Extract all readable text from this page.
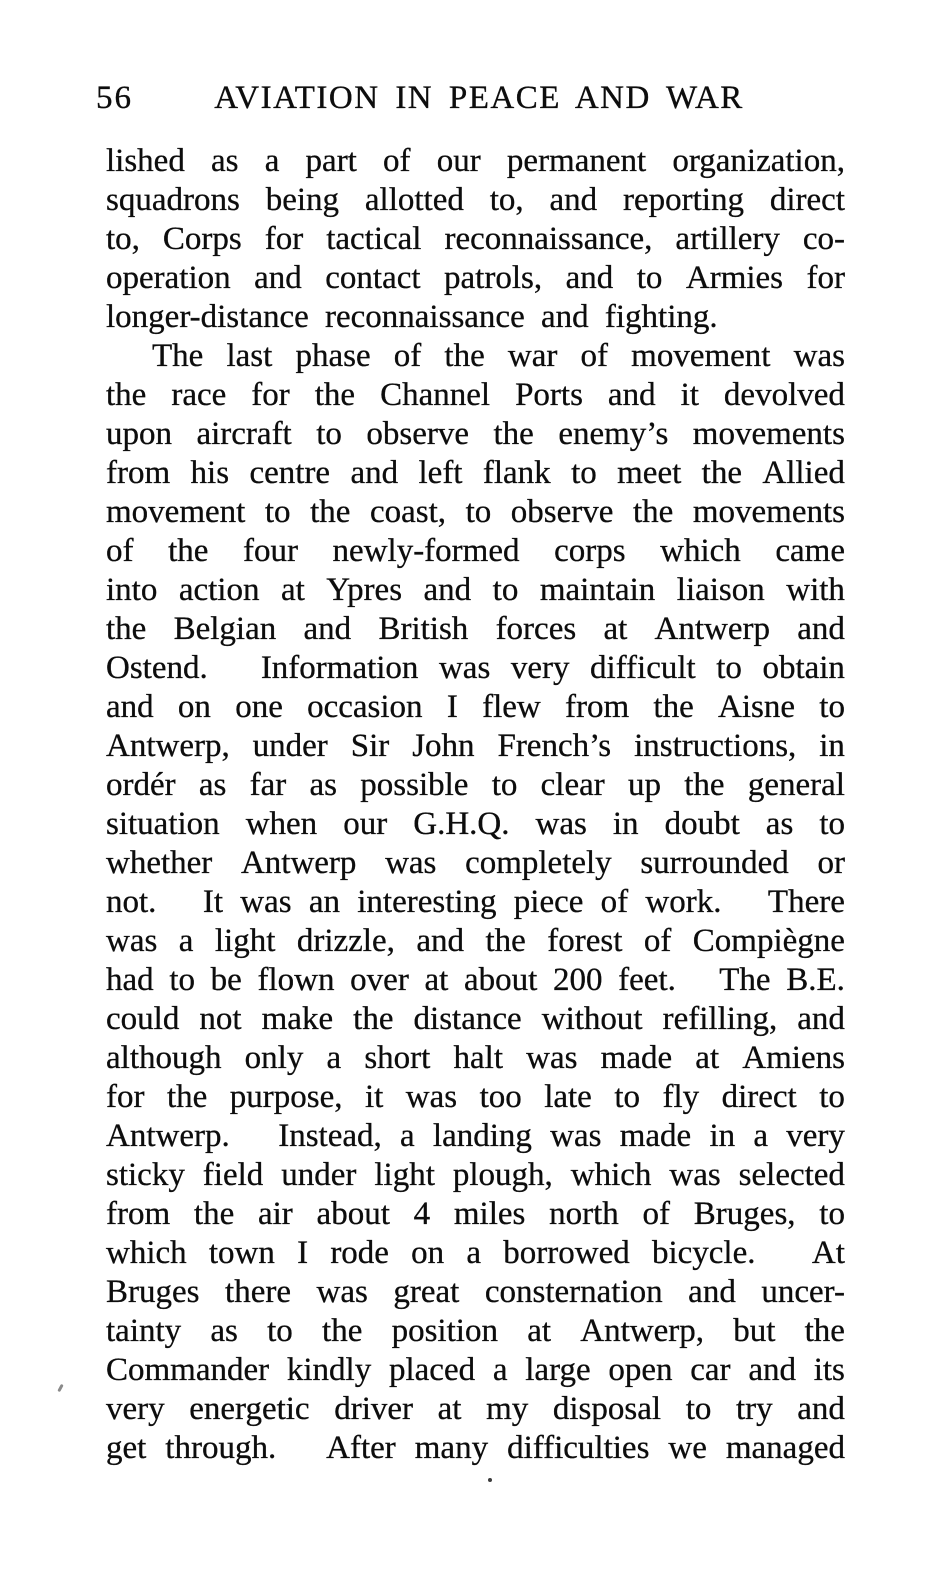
56 AVIATION IN PEACE AND WAR
lished as a part of our permanent organization,
squadrons being allotted to, and reporting direct
to, Corps for tactical reconnaissance, artillery co-
operation and contact patrols, and to Armies for
longer-distance reconnaissance and fighting.
The last phase of the war of movement was
the race for the Channel Ports and it devolved
upon aircraft to observe the enemy’s movements
from his centre and left flank to meet the Allied
movement to the coast, to observe the movements
of the four newly-formed corps which came
into action at Ypres and to maintain liaison with
the Belgian and British forces at Antwerp and
Ostend. Information was very difficult to obtain
and on one occasion I flew from the Aisne to
Antwerp, under Sir John French’s instructions, in
ordér as far as possible to clear up the general
situation when our G.H.Q. was in doubt as to
whether Antwerp was completely surrounded or
not. It was an interesting piece of work. There
was a light drizzle, and the forest of Compiègne
had to be flown over at about 200 feet. The B.E.
could not make the distance without refilling, and
although only a short halt was made at Amiens
for the purpose, it was too late to fly direct to
Antwerp. Instead, a landing was made in a very
sticky field under light plough, which was selected
from the air about 4 miles north of Bruges, to
which town I rode on a borrowed bicycle. At
Bruges there was great consternation and uncer-
tainty as to the position at Antwerp, but the
Commander kindly placed a large open car and its
very energetic driver at my disposal to try and
get through. After many difficulties we managed
